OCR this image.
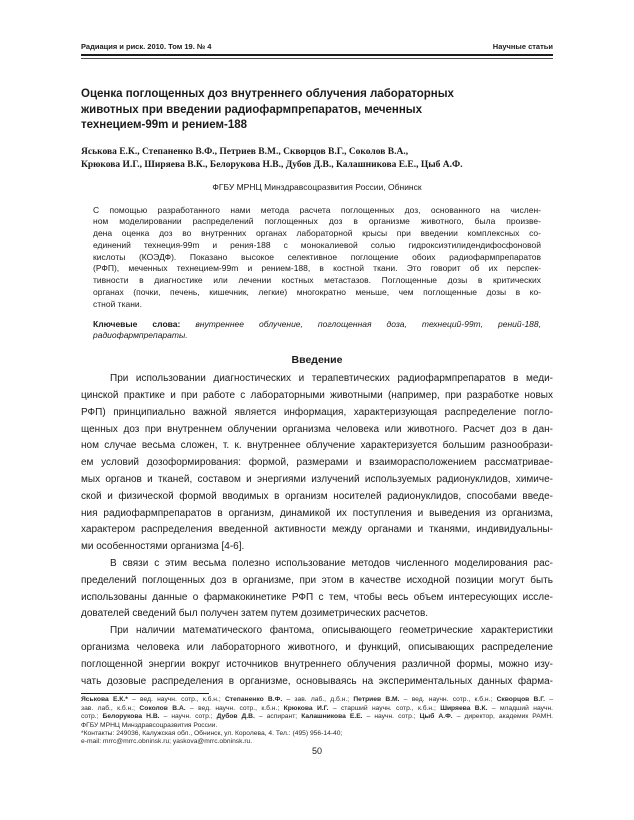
Радиация и риск. 2010. Том 19. № 4	Научные статьи
Оценка поглощенных доз внутреннего облучения лабораторных
животных при введении радиофармпрепаратов, меченных
технецием-99m и рением-188
Яськова Е.К., Степаненко В.Ф., Петриев В.М., Скворцов В.Г., Соколов В.А.,
Крюкова И.Г., Ширяева В.К., Белорукова Н.В., Дубов Д.В., Калашникова Е.Е., Цыб А.Ф.
ФГБУ МРНЦ Минздравсоцразвития России, Обнинск
С помощью разработанного нами метода расчета поглощенных доз, основанного на числен-
ном моделировании распределений поглощенных доз в организме животного, была произве-
дена оценка доз во внутренних органах лабораторной крысы при введении комплексных со-
единений технеция-99m и рения-188 с монокалиевой солью гидроксиэтилидендифосфоновой
кислоты (КОЭДФ). Показано высокое селективное поглощение обоих радиофармпрепаратов
(РФП), меченных технецием-99m и рением-188, в костной ткани. Это говорит об их перспек-
тивности в диагностике или лечении костных метастазов. Поглощенные дозы в критических
органах (почки, печень, кишечник, легкие) многократно меньше, чем поглощенные дозы в ко-
стной ткани.
Ключевые слова: внутреннее облучение, поглощенная доза, технеций-99m, рений-188,
радиофармпрепараты.
Введение
При использовании диагностических и терапевтических радиофармпрепаратов в меди-
цинской практике и при работе с лабораторными животными (например, при разработке новых
РФП) принципиально важной является информация, характеризующая распределение погло-
щенных доз при внутреннем облучении организма человека или животного. Расчет доз в дан-
ном случае весьма сложен, т. к. внутреннее облучение характеризуется большим разнообрази-
ем условий дозоформирования: формой, размерами и взаиморасположением рассматривае-
мых органов и тканей, составом и энергиями излучений используемых радионуклидов, химиче-
ской и физической формой вводимых в организм носителей радионуклидов, способами введе-
ния радиофармпрепаратов в организм, динамикой их поступления и выведения из организма,
характером распределения введенной активности между органами и тканями, индивидуальны-
ми особенностями организма [4-6].
В связи с этим весьма полезно использование методов численного моделирования рас-
пределений поглощенных доз в организме, при этом в качестве исходной позиции могут быть
использованы данные о фармакокинетике РФП с тем, чтобы весь объем интересующих иссле-
дователей сведений был получен затем путем дозиметрических расчетов.
При наличии математического фантома, описывающего геометрические характеристики
организма человека или лабораторного животного, и функций, описывающих распределение
поглощенной энергии вокруг источников внутреннего облучения различной формы, можно изу-
чать дозовые распределения в организме, основываясь на экспериментальных данных фарма-
Яськова Е.К.* – вед. научн. сотр., к.б.н.; Степаненко В.Ф. – зав. лаб., д.б.н.; Петриев В.М. – вед. научн. сотр., к.б.н.; Скворцов В.Г. –
зав. лаб., к.б.н.; Соколов В.А. – вед. научн. сотр., к.б.н.; Крюкова И.Г. – старший научн. сотр., к.б.н.; Ширяева В.К. – младший научн.
сотр.; Белорукова Н.В. – научн. сотр.; Дубов Д.В. – аспирант; Калашникова Е.Е. – научн. сотр.; Цыб А.Ф. – директор, академик РАМН.
ФГБУ МРНЦ Минздравсоцразвития России.
*Контакты: 249036, Калужская обл., Обнинск, ул. Королева, 4. Тел.: (495) 956-14-40;
e-mail: mrrc@mrrc.obninsk.ru; yaskova@mrrc.obninsk.ru.
50
